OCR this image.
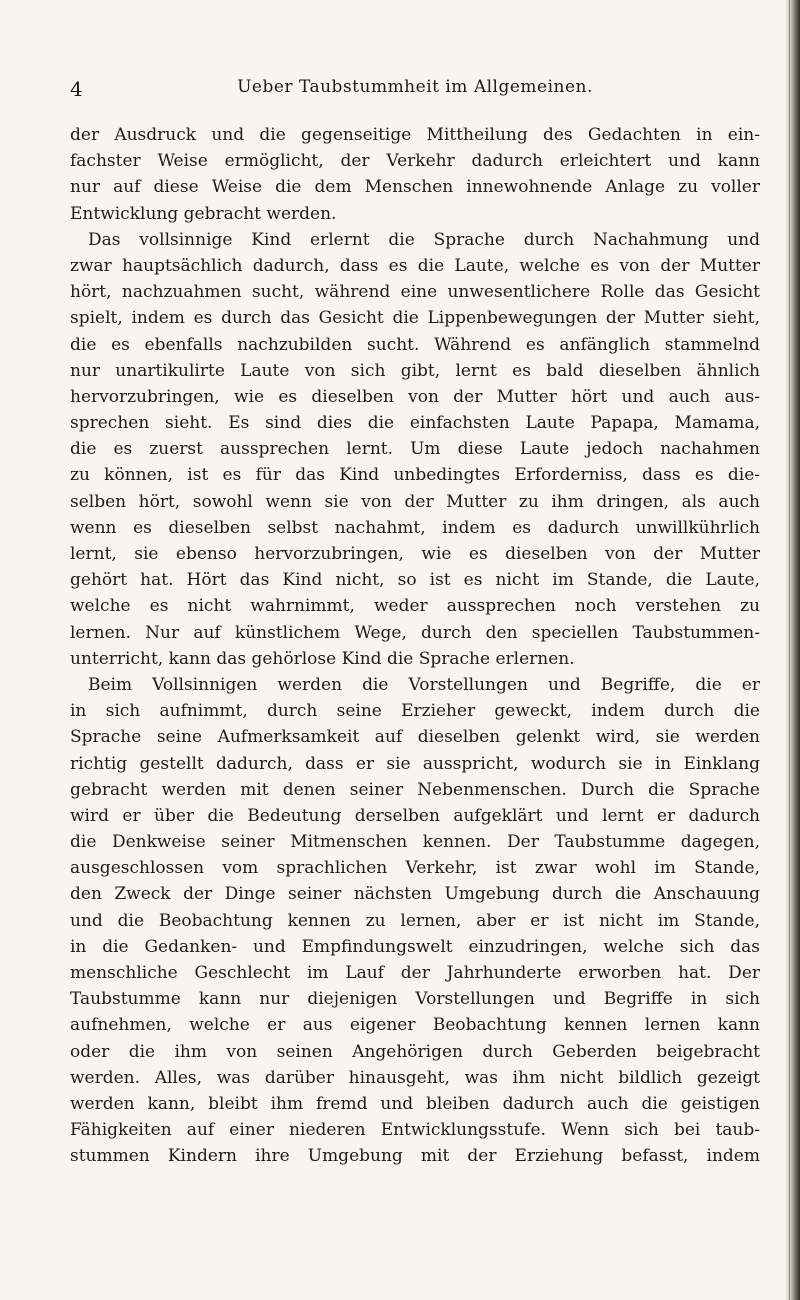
4	Ueber Taubstummheit im Allgemeinen.
der Ausdruck und die gegenseitige Mittheilung des Gedachten in ein-
fachster Weise ermöglicht, der Verkehr dadurch erleichtert und kann
nur auf diese Weise die dem Menschen innewohnende Anlage zu voller
Entwicklung gebracht werden.
Das vollsinnige Kind erlernt die Sprache durch Nachahmung und
zwar hauptsächlich dadurch, dass es die Laute, welche es von der Mutter
hört, nachzuahmen sucht, während eine unwesentlichere Rolle das Gesicht
spielt, indem es durch das Gesicht die Lippenbewegungen der Mutter sieht,
die es ebenfalls nachzubilden sucht. Während es anfänglich stammelnd
nur unartikulirte Laute von sich gibt, lernt es bald dieselben ähnlich
hervorzubringen, wie es dieselben von der Mutter hört und auch aus-
sprechen sieht. Es sind dies die einfachsten Laute Papapa, Mamama,
die es zuerst aussprechen lernt. Um diese Laute jedoch nachahmen
zu können, ist es für das Kind unbedingtes Erforderniss, dass es die-
selben hört, sowohl wenn sie von der Mutter zu ihm dringen, als auch
wenn es dieselben selbst nachahmt, indem es dadurch unwillkührlich
lernt, sie ebenso hervorzubringen, wie es dieselben von der Mutter
gehört hat. Hört das Kind nicht, so ist es nicht im Stande, die Laute,
welche es nicht wahrnimmt, weder aussprechen noch verstehen zu
lernen. Nur auf künstlichem Wege, durch den speciellen Taubstummen-
unterricht, kann das gehörlose Kind die Sprache erlernen.
Beim Vollsinnigen werden die Vorstellungen und Begriffe, die er
in sich aufnimmt, durch seine Erzieher geweckt, indem durch die
Sprache seine Aufmerksamkeit auf dieselben gelenkt wird, sie werden
richtig gestellt dadurch, dass er sie ausspricht, wodurch sie in Einklang
gebracht werden mit denen seiner Nebenmenschen. Durch die Sprache
wird er über die Bedeutung derselben aufgeklärt und lernt er dadurch
die Denkweise seiner Mitmenschen kennen. Der Taubstumme dagegen,
ausgeschlossen vom sprachlichen Verkehr, ist zwar wohl im Stande,
den Zweck der Dinge seiner nächsten Umgebung durch die Anschauung
und die Beobachtung kennen zu lernen, aber er ist nicht im Stande,
in die Gedanken- und Empfindungswelt einzudringen, welche sich das
menschliche Geschlecht im Lauf der Jahrhunderte erworben hat. Der
Taubstumme kann nur diejenigen Vorstellungen und Begriffe in sich
aufnehmen, welche er aus eigener Beobachtung kennen lernen kann
oder die ihm von seinen Angehörigen durch Geberden beigebracht
werden. Alles, was darüber hinausgeht, was ihm nicht bildlich gezeigt
werden kann, bleibt ihm fremd und bleiben dadurch auch die geistigen
Fähigkeiten auf einer niederen Entwicklungsstufe. Wenn sich bei taub-
stummen Kindern ihre Umgebung mit der Erziehung befasst, indem
